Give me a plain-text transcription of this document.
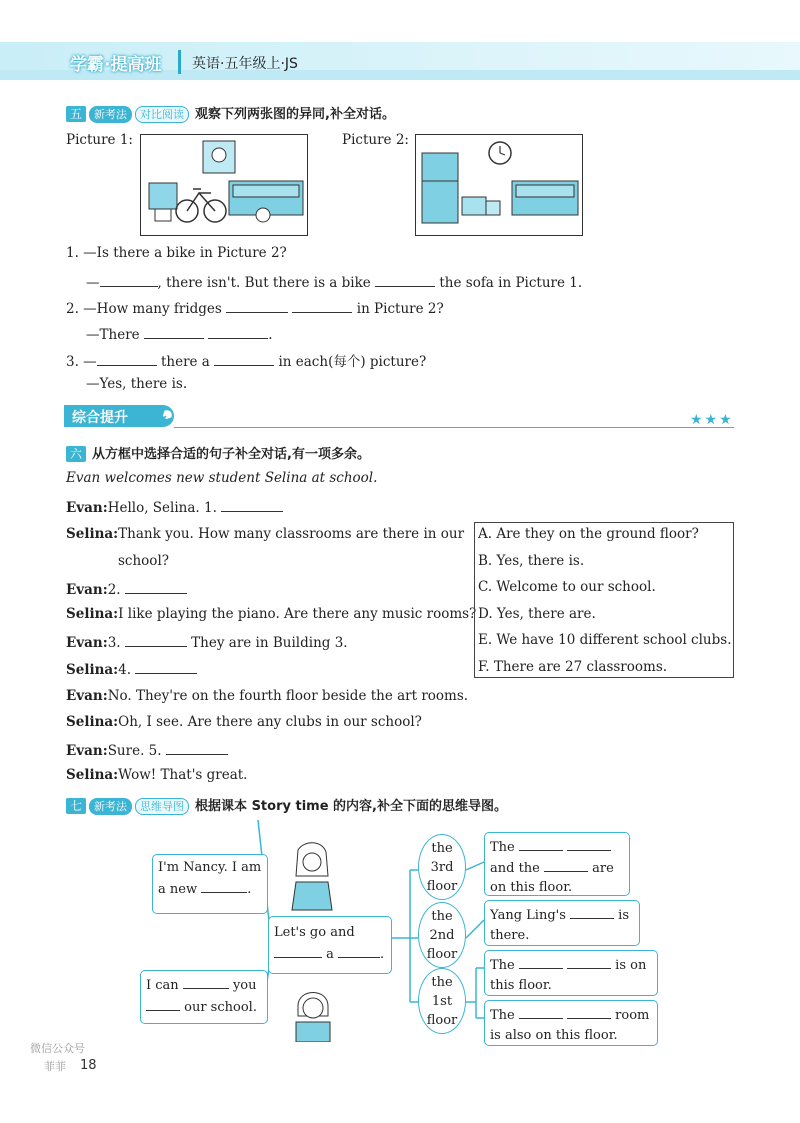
学霸·提高班 英语·五年级上·JS
五 新考法 对比阅读 观察下列两张图的异同,补全对话。
Picture 1:	Picture 2:
1. —Is there a bike in Picture 2?
—	, there isn't. But there is a bike	the sofa in Picture 1.
2. —How many fridges	in Picture 2?
—There	.
3. —	there a	in each(每个) picture?
—Yes, there is.
综合提升	★★★
六 从方框中选择合适的句子补全对话,有一项多余。
Evan welcomes new student Selina at school.
Evan:Hello, Selina. 1.
Selina:Thank you. How many classrooms are there in our
school?
Evan:2.
Selina:I like playing the piano. Are there any music rooms?
Evan:3.	They are in Building 3.
Selina:4.
Evan:No. They're on the fourth floor beside the art rooms.
Selina:Oh, I see. Are there any clubs in our school?
Evan:Sure. 5.
Selina:Wow! That's great.
A. Are they on the ground floor?
B. Yes, there is.
C. Welcome to our school.
D. Yes, there are.
E. We have 10 different school clubs.
F. There are 27 classrooms.
七 新考法 思维导图 根据课本 Story time 的内容,补全下面的思维导图。
I'm Nancy. I am
a new	.
I can	you
our school.
Let's go and
a	.
the
3rd
floor
the
2nd
floor
the
1st
floor
The
and the	are
on this floor.
Yang Ling's	is
there.
The	is on
this floor.
The	room
is also on this floor.
微信公众号
菲菲 18
